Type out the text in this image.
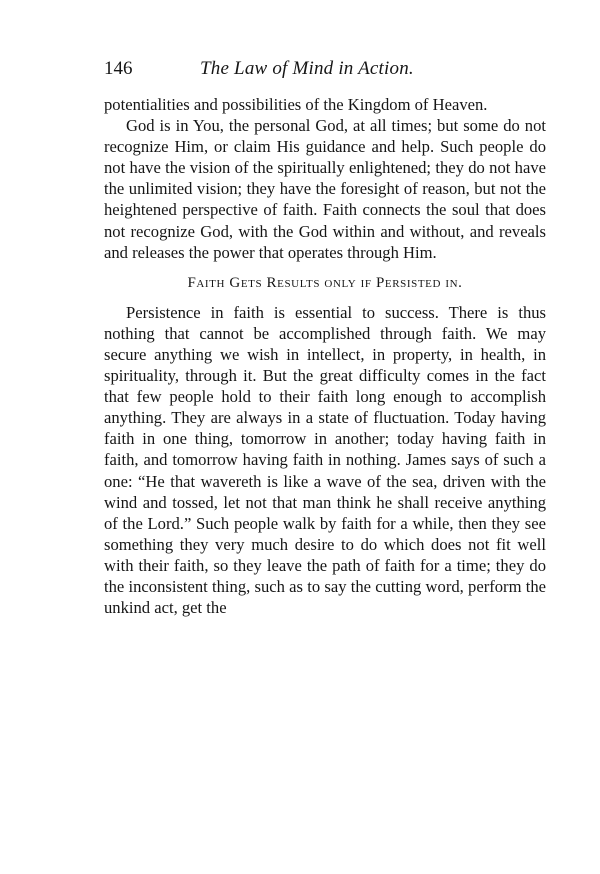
146	The Law of Mind in Action.

potentialities and possibilities of the Kingdom of Heaven.

God is in You, the personal God, at all times; but some do not recognize Him, or claim His guidance and help. Such people do not have the vision of the spiritually enlightened; they do not have the unlimited vision; they have the foresight of reason, but not the heightened perspective of faith. Faith connects the soul that does not recognize God, with the God within and without, and reveals and releases the power that operates through Him.

Faith Gets Results only if Persisted in.

Persistence in faith is essential to success. There is thus nothing that cannot be accomplished through faith. We may secure anything we wish in intellect, in property, in health, in spirituality, through it. But the great difficulty comes in the fact that few people hold to their faith long enough to accomplish anything. They are always in a state of fluctuation. Today having faith in one thing, tomorrow in another; today having faith in faith, and tomorrow having faith in nothing. James says of such a one: “He that wavereth is like a wave of the sea, driven with the wind and tossed, let not that man think he shall receive anything of the Lord.” Such people walk by faith for a while, then they see something they very much desire to do which does not fit well with their faith, so they leave the path of faith for a time; they do the inconsistent thing, such as to say the cutting word, perform the unkind act, get the
